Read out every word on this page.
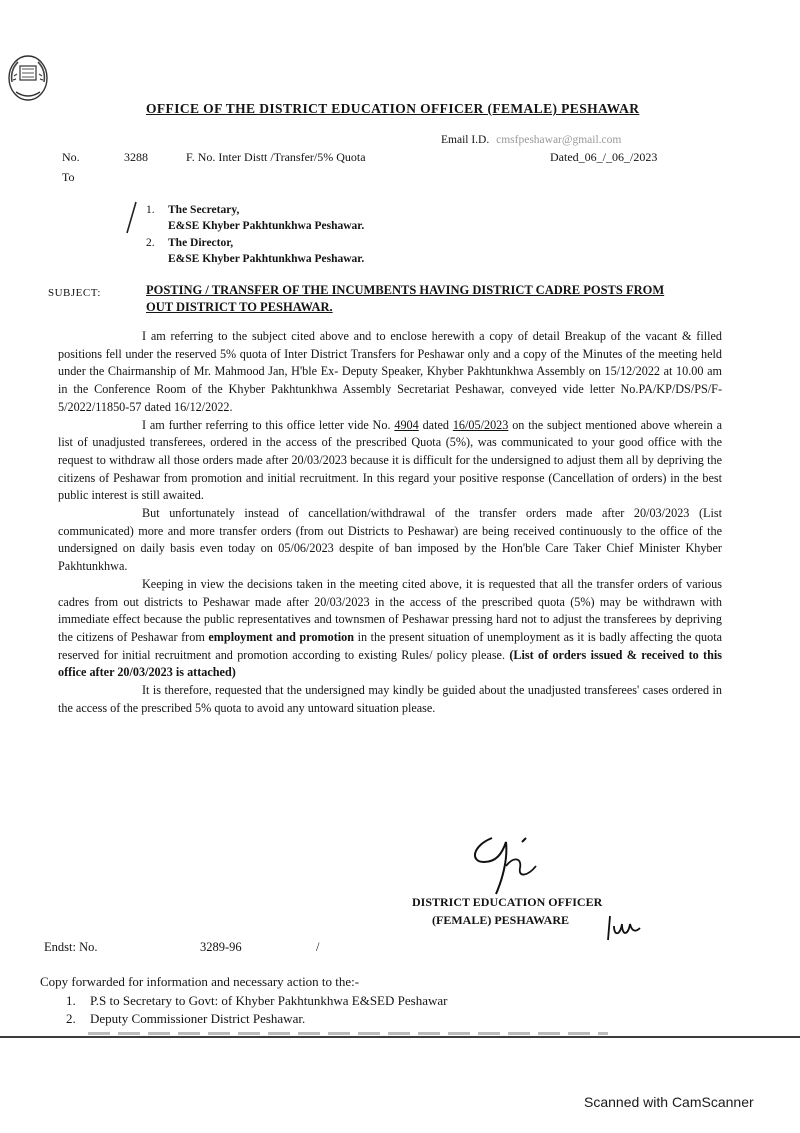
OFFICE OF THE DISTRICT EDUCATION OFFICER (FEMALE) PESHAWAR
Email I.D. cmsfpeshawar@gmail.com
No.	3288	F. No. Inter Distt /Transfer/5% Quota	Dated_06_/_06_/2023
To
1. The Secretary,
E&SE Khyber Pakhtunkhwa Peshawar.
2. The Director,
E&SE Khyber Pakhtunkhwa Peshawar.
SUBJECT:	POSTING / TRANSFER OF THE INCUMBENTS HAVING DISTRICT CADRE POSTS FROM OUT DISTRICT TO PESHAWAR.

I am referring to the subject cited above and to enclose herewith a copy of detail Breakup of the vacant & filled positions fell under the reserved 5% quota of Inter District Transfers for Peshawar only and a copy of the Minutes of the meeting held under the Chairmanship of Mr. Mahmood Jan, H'ble Ex- Deputy Speaker, Khyber Pakhtunkhwa Assembly on 15/12/2022 at 10.00 am in the Conference Room of the Khyber Pakhtunkhwa Assembly Secretariat Peshawar, conveyed vide letter No.PA/KP/DS/PS/F-5/2022/11850-57 dated 16/12/2022.

I am further referring to this office letter vide No. 4904 dated 16/05/2023 on the subject mentioned above wherein a list of unadjusted transferees, ordered in the access of the prescribed Quota (5%), was communicated to your good office with the request to withdraw all those orders made after 20/03/2023 because it is difficult for the undersigned to adjust them all by depriving the citizens of Peshawar from promotion and initial recruitment. In this regard your positive response (Cancellation of orders) in the best public interest is still awaited.

But unfortunately instead of cancellation/withdrawal of the transfer orders made after 20/03/2023 (List communicated) more and more transfer orders (from out Districts to Peshawar) are being received continuously to the office of the undersigned on daily basis even today on 05/06/2023 despite of ban imposed by the Hon'ble Care Taker Chief Minister Khyber Pakhtunkhwa.

Keeping in view the decisions taken in the meeting cited above, it is requested that all the transfer orders of various cadres from out districts to Peshawar made after 20/03/2023 in the access of the prescribed quota (5%) may be withdrawn with immediate effect because the public representatives and townsmen of Peshawar pressing hard not to adjust the transferees by depriving the citizens of Peshawar from employment and promotion in the present situation of unemployment as it is badly affecting the quota reserved for initial recruitment and promotion according to existing Rules/ policy please. (List of orders issued & received to this office after 20/03/2023 is attached)

It is therefore, requested that the undersigned may kindly be guided about the unadjusted transferees' cases ordered in the access of the prescribed 5% quota to avoid any untoward situation please.

DISTRICT EDUCATION OFFICER
(FEMALE) PESHAWARE
Endst: No.	3289-96	/
Copy forwarded for information and necessary action to the:-
1. P.S to Secretary to Govt: of Khyber Pakhtunkhwa E&SED Peshawar
2. Deputy Commissioner District Peshawar.
Scanned with CamScanner
